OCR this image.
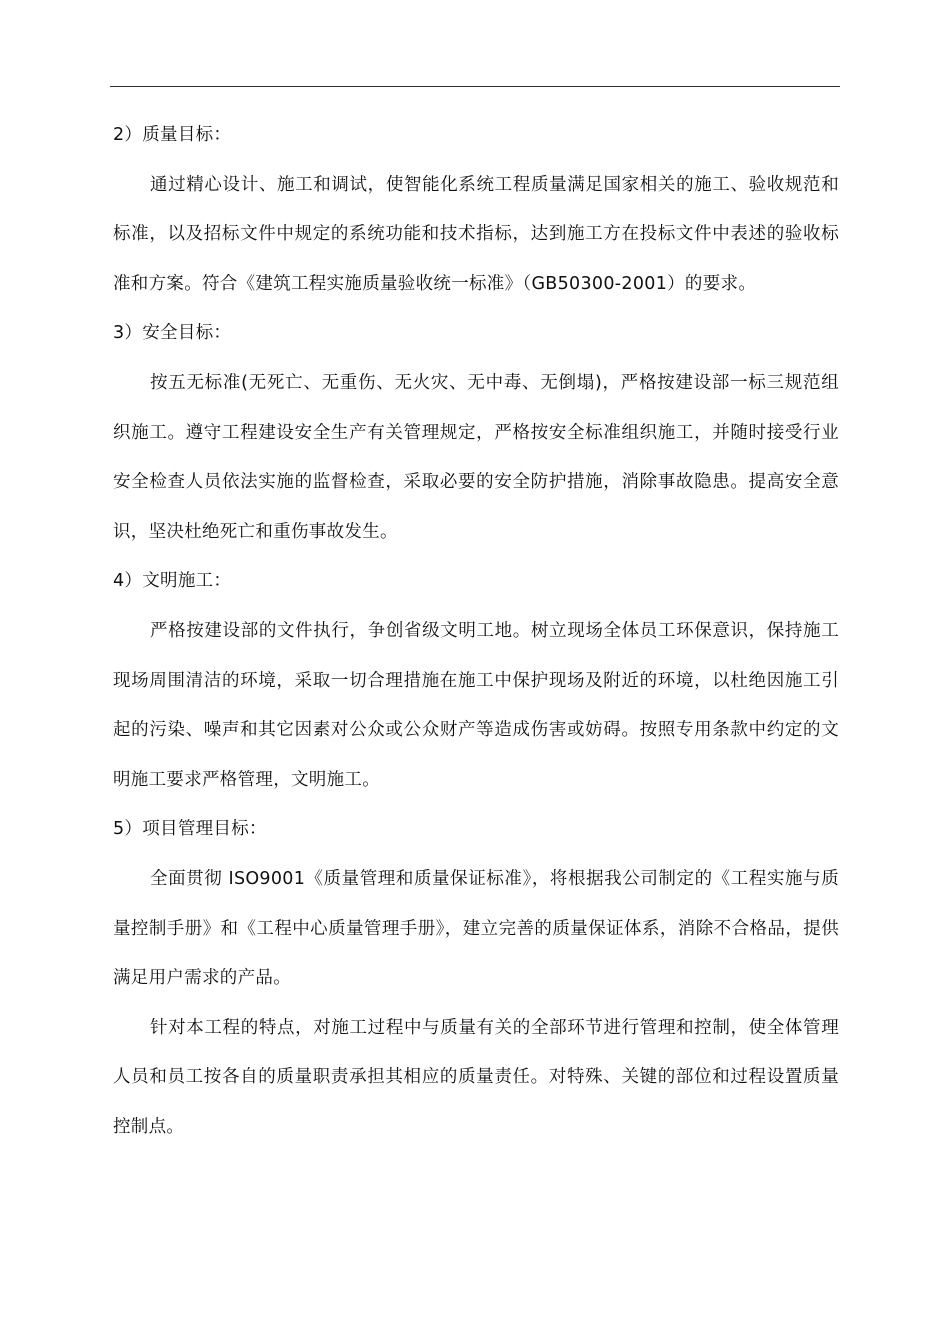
2）质量目标：

通过精心设计、施工和调试，使智能化系统工程质量满足国家相关的施工、验收规范和标准，以及招标文件中规定的系统功能和技术指标，达到施工方在投标文件中表述的验收标准和方案。符合《建筑工程实施质量验收统一标准》（GB50300-2001）的要求。

3）安全目标：

按五无标准(无死亡、无重伤、无火灾、无中毒、无倒塌)，严格按建设部一标三规范组织施工。遵守工程建设安全生产有关管理规定，严格按安全标准组织施工，并随时接受行业安全检查人员依法实施的监督检查，采取必要的安全防护措施，消除事故隐患。提高安全意识，坚决杜绝死亡和重伤事故发生。

4）文明施工：

严格按建设部的文件执行，争创省级文明工地。树立现场全体员工环保意识，保持施工现场周围清洁的环境，采取一切合理措施在施工中保护现场及附近的环境，以杜绝因施工引起的污染、噪声和其它因素对公众或公众财产等造成伤害或妨碍。按照专用条款中约定的文明施工要求严格管理，文明施工。

5）项目管理目标：

全面贯彻 ISO9001《质量管理和质量保证标准》，将根据我公司制定的《工程实施与质量控制手册》和《工程中心质量管理手册》，建立完善的质量保证体系，消除不合格品，提供满足用户需求的产品。

针对本工程的特点，对施工过程中与质量有关的全部环节进行管理和控制，使全体管理人员和员工按各自的质量职责承担其相应的质量责任。对特殊、关键的部位和过程设置质量控制点。
